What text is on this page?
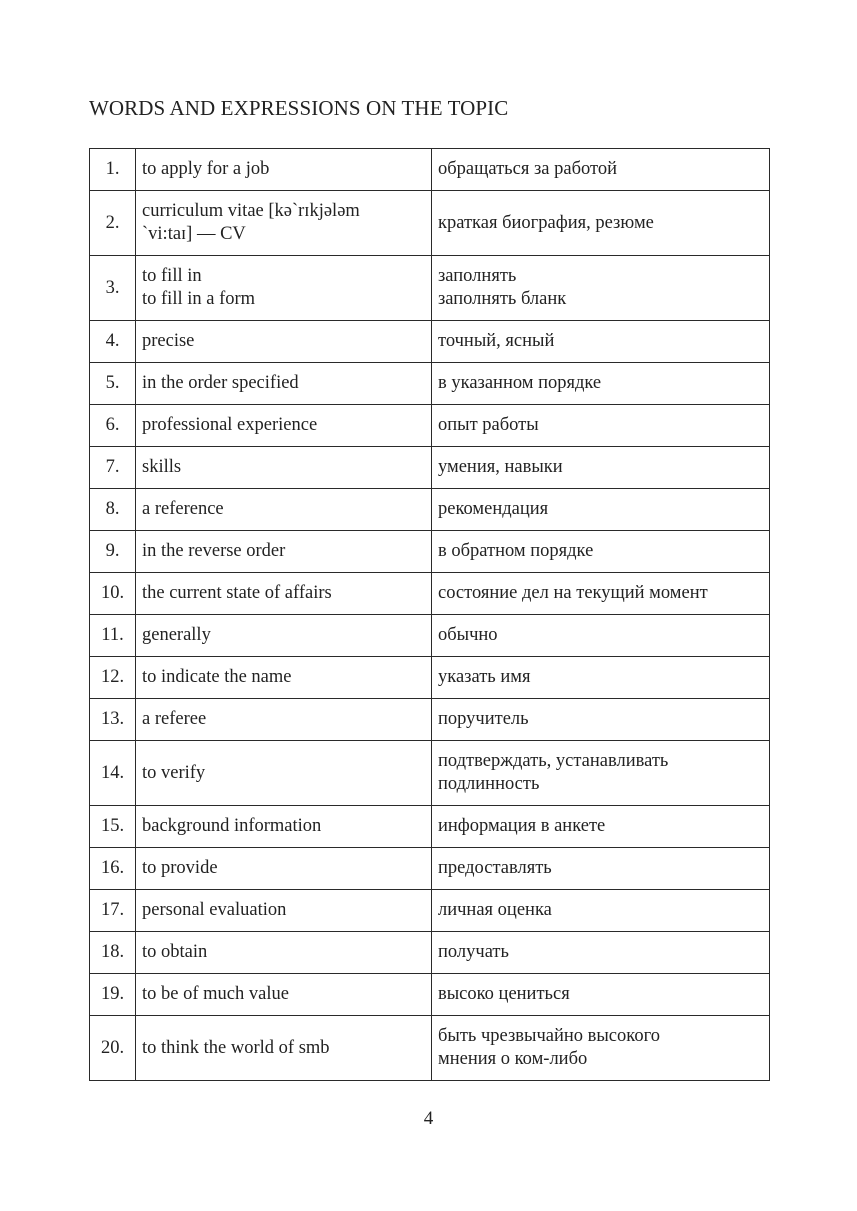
WORDS AND EXPRESSIONS ON THE TOPIC
1.	to apply for a job	обращаться за работой
2.	curriculum vitae [kəˋrɪkjələm
ˋvi:taɪ] — CV	краткая биография, резюме
3.	to fill in
to fill in a form	заполнять
заполнять бланк
4.	precise	точный, ясный
5.	in the order specified	в указанном порядке
6.	professional experience	опыт работы
7.	skills	умения, навыки
8.	a reference	рекомендация
9.	in the reverse order	в обратном порядке
10.	the current state of affairs	состояние дел на текущий момент
11.	generally	обычно
12.	to indicate the name	указать имя
13.	a referee	поручитель
14.	to verify	подтверждать, устанавливать
подлинность
15.	background information	информация в анкете
16.	to provide	предоставлять
17.	personal evaluation	личная оценка
18.	to obtain	получать
19.	to be of much value	высоко цениться
20.	to think the world of smb	быть чрезвычайно высокого
мнения о ком-либо
4
